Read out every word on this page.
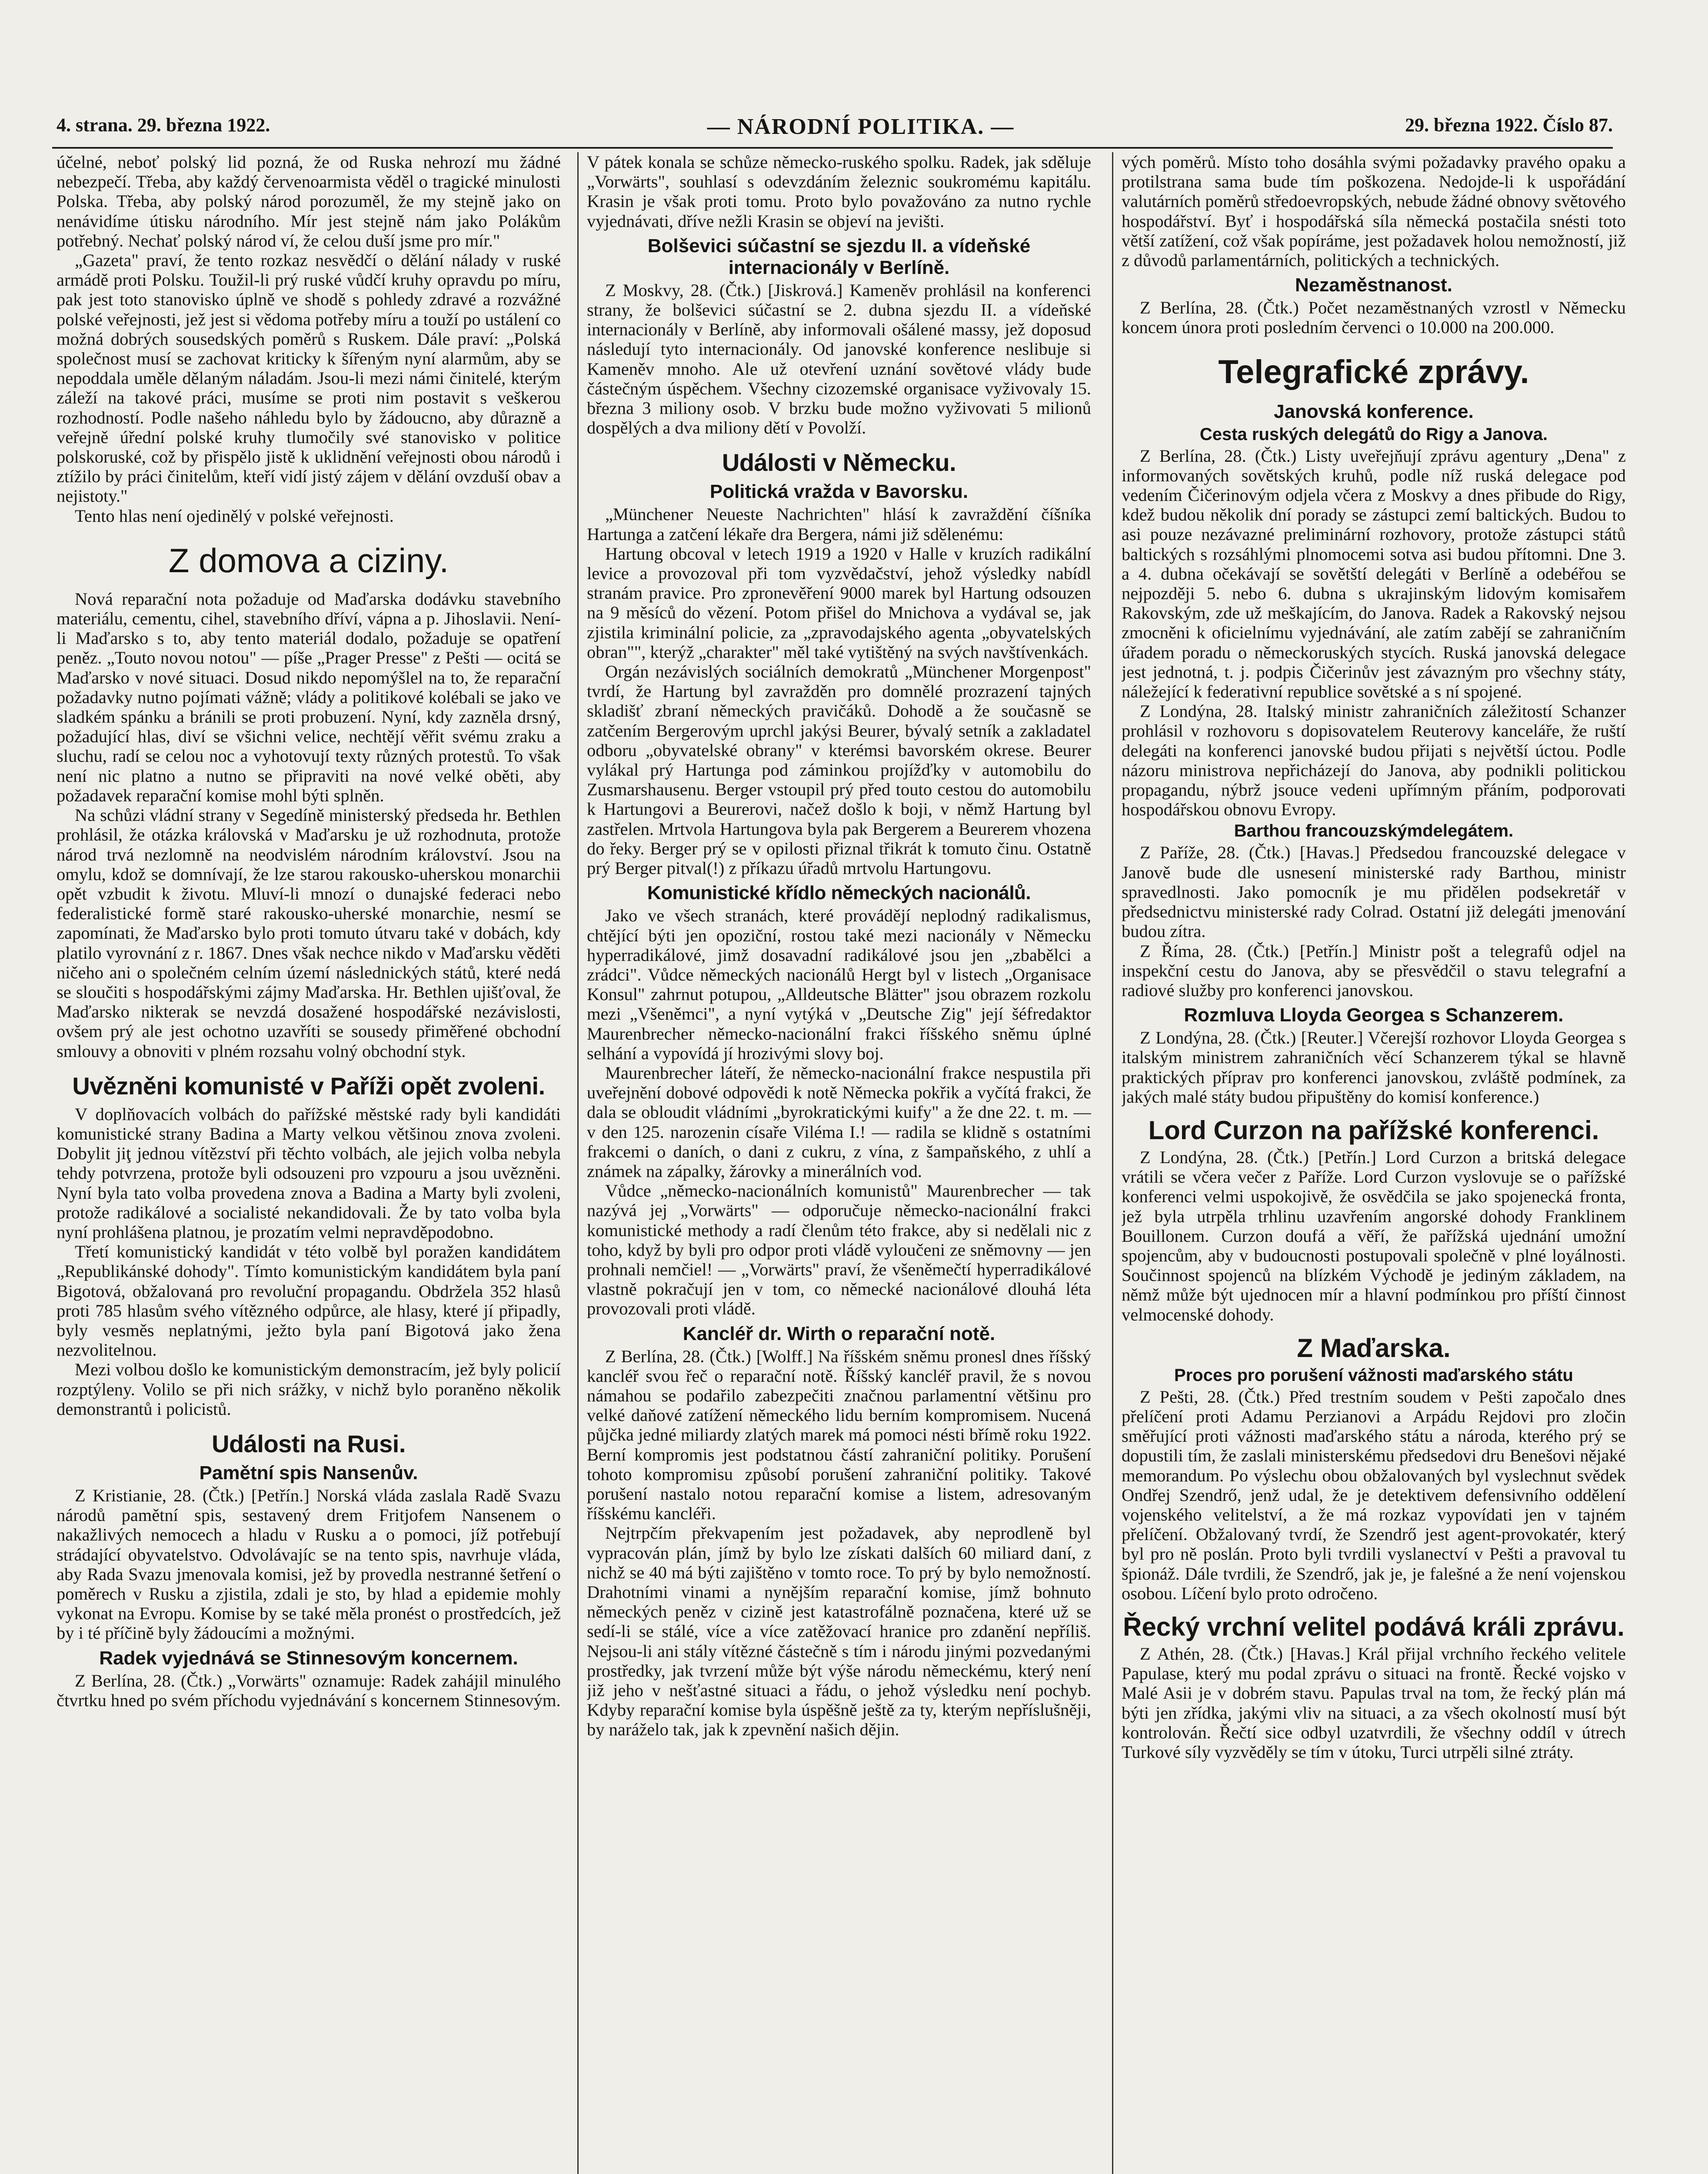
4. strana. 29. března 1922.	— NÁRODNÍ POLITIKA. —	29. března 1922. Číslo 87.

účelné, neboť polský lid pozná, že od Ruska nehrozí mu žádné nebezpečí. Třeba, aby každý červenoarmista věděl o tragické minulosti Polska. Třeba, aby polský národ porozuměl, že my stejně jako on nenávidíme útisku národního. Mír jest stejně nám jako Polákům potřebný. Nechať polský národ ví, že celou duší jsme pro mír."

„Gazeta" praví, že tento rozkaz nesvědčí o dělání nálady v ruské armádě proti Polsku. Toužil-li prý ruské vůdčí kruhy opravdu po míru, pak jest toto stanovisko úplně ve shodě s pohledy zdravé a rozvážné polské veřejnosti, jež jest si vědoma potřeby míru a touží po ustálení co možná dobrých sousedských poměrů s Ruskem. Dále praví: „Polská společnost musí se zachovat kriticky k šířeným nyní alarmům, aby se nepoddala uměle dělaným náladám. Jsou-li mezi námi činitelé, kterým záleží na takové práci, musíme se proti nim postavit s veškerou rozhodností. Podle našeho náhledu bylo by žádoucno, aby důrazně a veřejně úřední polské kruhy tlumočily své stanovisko v politice polskoruské, což by přispělo jistě k uklidnění veřejnosti obou národů i ztížilo by práci činitelům, kteří vidí jistý zájem v dělání ovzduší obav a nejistoty."

Tento hlas není ojedinělý v polské veřejnosti.

Z domova a ciziny.

Nová reparační nota požaduje od Maďarska dodávku stavebního materiálu, cementu, cihel, stavebního dříví, vápna a p. Jihoslavii. Není-li Maďarsko s to, aby tento materiál dodalo, požaduje se opatření peněz. „Touto novou notou" — píše „Prager Presse" z Pešti — ocitá se Maďarsko v nové situaci. Dosud nikdo nepomýšlel na to, že reparační požadavky nutno pojímati vážně; vlády a politikové kolébali se jako ve sladkém spánku a bránili se proti probuzení. Nyní, kdy zazněla drsný, požadující hlas, diví se všichni velice, nechtějí věřit svému zraku a sluchu, radí se celou noc a vyhotovují texty různých protestů. To však není nic platno a nutno se připraviti na nové velké oběti, aby požadavek reparační komise mohl býti splněn.

Na schůzi vládní strany v Segedíně ministerský předseda hr. Bethlen prohlásil, že otázka královská v Maďarsku je už rozhodnuta, protože národ trvá nezlomně na neodvislém národním království. Jsou na omylu, kdož se domnívají, že lze starou rakousko-uherskou monarchii opět vzbudit k životu. Mluví-li mnozí o dunajské federaci nebo federalistické formě staré rakousko-uherské monarchie, nesmí se zapomínati, že Maďarsko bylo proti tomuto útvaru také v dobách, kdy platilo vyrovnání z r. 1867. Dnes však nechce nikdo v Maďarsku věděti ničeho ani o společném celním území následnických států, které nedá se sloučiti s hospodářskými zájmy Maďarska. Hr. Bethlen ujišťoval, že Maďarsko nikterak se nevzdá dosažené hospodářské nezávislosti, ovšem prý ale jest ochotno uzavříti se sousedy přiměřené obchodní smlouvy a obnoviti v plném rozsahu volný obchodní styk.

Uvězněni komunisté v Paříži opět zvoleni.

V doplňovacích volbách do pařížské městské rady byli kandidáti komunistické strany Badina a Marty velkou většinou znova zvoleni. Dobylit jiţ jednou vítězství při těchto volbách, ale jejich volba nebyla tehdy potvrzena, protože byli odsouzeni pro vzpouru a jsou uvězněni. Nyní byla tato volba provedena znova a Badina a Marty byli zvoleni, protože radikálové a socialisté nekandidovali. Že by tato volba byla nyní prohlášena platnou, je prozatím velmi nepravděpodobno.

Třetí komunistický kandidát v této volbě byl poražen kandidátem „Republikánské dohody". Tímto komunistickým kandidátem byla paní Bigotová, obžalovaná pro revoluční propagandu. Obdržela 352 hlasů proti 785 hlasům svého vítězného odpůrce, ale hlasy, které jí připadly, byly vesměs neplatnými, ježto byla paní Bigotová jako žena nezvolitelnou.

Mezi volbou došlo ke komunistickým demonstracím, jež byly policií rozptýleny. Volilo se při nich srážky, v nichž bylo poraněno několik demonstrantů i policistů.

Události na Rusi.
Pamětní spis Nansenův.

Z Kristianie, 28. (Čtk.) [Petřín.] Norská vláda zaslala Radě Svazu národů pamětní spis, sestavený drem Fritjofem Nansenem o nakažlivých nemocech a hladu v Rusku a o pomoci, jíž potřebují strádající obyvatelstvo. Odvolávajíc se na tento spis, navrhuje vláda, aby Rada Svazu jmenovala komisi, jež by provedla nestranné šetření o poměrech v Rusku a zjistila, zdali je sto, by hlad a epidemie mohly vykonat na Evropu. Komise by se také měla pronést o prostředcích, jež by i té příčině byly žádoucími a možnými.

Radek vyjednává se Stinnesovým koncernem.

Z Berlína, 28. (Čtk.) „Vorwärts" oznamuje: Radek zahájil minulého čtvrtku hned po svém příchodu vyjednávání s koncernem Stinnesovým.

V pátek konala se schůze německo-ruského spolku. Radek, jak sděluje „Vorwärts", souhlasí s odevzdáním železnic soukromému kapitálu. Krasin je však proti tomu. Proto bylo považováno za nutno rychle vyjednávati, dříve nežli Krasin se objeví na jevišti.

Bolševici súčastní se sjezdu II. a vídeňské internacionály v Berlíně.

Z Moskvy, 28. (Čtk.) [Jiskrová.] Kameněv prohlásil na konferenci strany, že bolševici súčastní se 2. dubna sjezdu II. a vídeňské internacionály v Berlíně, aby informovali ošálené massy, jež doposud následují tyto internacionály. Od janovské konference neslibuje si Kameněv mnoho. Ale už otevření uznání sovětové vlády bude částečným úspěchem. Všechny cizozemské organisace vyživovaly 15. března 3 miliony osob. V brzku bude možno vyživovati 5 milionů dospělých a dva miliony dětí v Povolží.

Události v Německu.
Politická vražda v Bavorsku.

„Münchener Neueste Nachrichten" hlásí k zavraždění číšníka Hartunga a zatčení lékaře dra Bergera, námi již sdělenému:

Hartung obcoval v letech 1919 a 1920 v Halle v kruzích radikální levice a provozoval při tom vyzvědačství, jehož výsledky nabídl stranám pravice. Pro zpronevěření 9000 marek byl Hartung odsouzen na 9 měsíců do vězení. Potom přišel do Mnichova a vydával se, jak zjistila kriminální policie, za „zpravodajského agenta „obyvatelských obran"", kterýž „charakter" měl také vytištěný na svých navštívenkách.

Orgán nezávislých sociálních demokratů „Münchener Morgenpost" tvrdí, že Hartung byl zavražděn pro domnělé prozrazení tajných skladišť zbraní německých pravičáků. Dohodě a že současně se zatčením Bergerovým uprchl jakýsi Beurer, bývalý setník a zakladatel odboru „obyvatelské obrany" v kterémsi bavorském okrese. Beurer vylákal prý Hartunga pod záminkou projížďky v automobilu do Zusmarshausenu. Berger vstoupil prý před touto cestou do automobilu k Hartungovi a Beurerovi, načež došlo k boji, v němž Hartung byl zastřelen. Mrtvola Hartungova byla pak Bergerem a Beurerem vhozena do řeky. Berger prý se v opilosti přiznal třikrát k tomuto činu. Ostatně prý Berger pitval(!) z příkazu úřadů mrtvolu Hartungovu.

Komunistické křídlo německých nacionálů.

Jako ve všech stranách, které provádějí neplodný radikalismus, chtějící býti jen opoziční, rostou také mezi nacionály v Německu hyperradikálové, jimž dosavadní radikálové jsou jen „zbabělci a zrádci". Vůdce německých nacionálů Hergt byl v listech „Organisace Konsul" zahrnut potupou, „Alldeutsche Blätter" jsou obrazem rozkolu mezi „Všeněmci", a nyní vytýká v „Deutsche Zig" její šéfredaktor Maurenbrecher německo-nacionální frakci říšského sněmu úplné selhání a vypovídá jí hrozivými slovy boj.

Maurenbrecher láteří, že německo-nacionální frakce nespustila při uveřejnění dobové odpovědi k notě Německa pokřik a vyčítá frakci, že dala se obloudit vládními „byrokratickými kuify" a že dne 22. t. m. — v den 125. narozenin císaře Viléma I.! — radila se klidně s ostatními frakcemi o daních, o dani z cukru, z vína, z šampaňského, z uhlí a známek na zápalky, žárovky a minerálních vod.

Vůdce „německo-nacionálních komunistů" Maurenbrecher — tak nazývá jej „Vorwärts" — odporučuje německo-nacionální frakci komunistické methody a radí členům této frakce, aby si nedělali nic z toho, když by byli pro odpor proti vládě vyloučeni ze sněmovny — jen prohnali nemčiel! — „Vorwärts" praví, že všeněmečtí hyperradikálové vlastně pokračují jen v tom, co německé nacionálové dlouhá léta provozovali proti vládě.

Kancléř dr. Wirth o reparační notě.

Z Berlína, 28. (Čtk.) [Wolff.] Na říšském sněmu pronesl dnes říšský kancléř svou řeč o reparační notě. Říšský kancléř pravil, že s novou námahou se podařilo zabezpečiti značnou parlamentní většinu pro velké daňové zatížení německého lidu berním kompromisem. Nucená půjčka jedné miliardy zlatých marek má pomoci nésti břímě roku 1922. Berní kompromis jest podstatnou částí zahraniční politiky. Porušení tohoto kompromisu způsobí porušení zahraniční politiky. Takové porušení nastalo notou reparační komise a listem, adresovaným říšskému kancléři.

Nejtrpčím překvapením jest požadavek, aby neprodleně byl vypracován plán, jímž by bylo lze získati dalších 60 miliard daní, z nichž se 40 má býti zajištěno v tomto roce. To prý by bylo nemožností. Drahotními vinami a nynějším reparační komise, jímž bohnuto německých peněz v cizině jest katastrofálně poznačena, které už se sedí-li se stálé, více a více zatěžovací hranice pro zdanění nepříliš. Nejsou-li ani stály vítězné částečně s tím i národu jinými pozvedanými prostředky, jak tvrzení může být výše národu německému, který není již jeho v nešťastné situaci a řádu, o jehož výsledku není pochyb. Kdyby reparační komise byla úspěšně ještě za ty, kterým nepříslušněji, by naráželo tak, jak k zpevnění našich dějin.

vých poměrů. Místo toho dosáhla svými požadavky pravého opaku a protilstrana sama bude tím poškozena. Nedojde-li k uspořádání valutárních poměrů středoevropských, nebude žádné obnovy světového hospodářství. Byť i hospodářská síla německá postačila snésti toto větší zatížení, což však popíráme, jest požadavek holou nemožností, již z důvodů parlamentárních, politických a technických.

Nezaměstnanost.

Z Berlína, 28. (Čtk.) Počet nezaměstnaných vzrostl v Německu koncem února proti posledním červenci o 10.000 na 200.000.

Telegrafické zprávy.
Janovská konference.
Cesta ruských delegátů do Rigy a Janova.

Z Berlína, 28. (Čtk.) Listy uveřejňují zprávu agentury „Dena" z informovaných sovětských kruhů, podle níž ruská delegace pod vedením Čičerinovým odjela včera z Moskvy a dnes přibude do Rigy, kdež budou několik dní porady se zástupci zemí baltických. Budou to asi pouze nezávazné preliminární rozhovory, protože zástupci států baltických s rozsáhlými plnomocemi sotva asi budou přítomni. Dne 3. a 4. dubna očekávají se sovětští delegáti v Berlíně a odebéřou se nejpozději 5. nebo 6. dubna s ukrajinským lidovým komisařem Rakovským, zde už meškajícím, do Janova. Radek a Rakovský nejsou zmocněni k oficielnímu vyjednávání, ale zatím zabějí se zahraničním úřadem poradu o německoruských stycích. Ruská janovská delegace jest jednotná, t. j. podpis Čičerinův jest závazným pro všechny státy, náležející k federativní republice sovětské a s ní spojené.

Z Londýna, 28. Italský ministr zahraničních záležitostí Schanzer prohlásil v rozhovoru s dopisovatelem Reuterovy kanceláře, že ruští delegáti na konferenci janovské budou přijati s největší úctou. Podle názoru ministrova nepřicházejí do Janova, aby podnikli politickou propagandu, nýbrž jsouce vedeni upřímným přáním, podporovati hospodářskou obnovu Evropy.

Barthou francouzskýmdelegátem.

Z Paříže, 28. (Čtk.) [Havas.] Předsedou francouzské delegace v Janově bude dle usnesení ministerské rady Barthou, ministr spravedlnosti. Jako pomocník je mu přidělen podsekretář v předsednictvu ministerské rady Colrad. Ostatní již delegáti jmenování budou zítra.

Z Říma, 28. (Čtk.) [Petřín.] Ministr pošt a telegrafů odjel na inspekční cestu do Janova, aby se přesvědčil o stavu telegrafní a radiové služby pro konferenci janovskou.

Rozmluva Lloyda Georgea s Schanzerem.

Z Londýna, 28. (Čtk.) [Reuter.] Včerejší rozhovor Lloyda Georgea s italským ministrem zahraničních věcí Schanzerem týkal se hlavně praktických příprav pro konferenci janovskou, zvláště podmínek, za jakých malé státy budou připuštěny do komisí konference.)

Lord Curzon na pařížské konferenci.

Z Londýna, 28. (Čtk.) [Petřín.] Lord Curzon a britská delegace vrátili se včera večer z Paříže. Lord Curzon vyslovuje se o pařížské konferenci velmi uspokojivě, že osvědčila se jako spojenecká fronta, jež byla utrpěla trhlinu uzavřením angorské dohody Franklinem Bouillonem. Curzon doufá a věří, že pařížská ujednání umožní spojencům, aby v budoucnosti postupovali společně v plné loyálnosti. Součinnost spojenců na blízkém Východě je jediným základem, na němž může být ujednocen mír a hlavní podmínkou pro příští činnost velmocenské dohody.

Z Maďarska.
Proces pro porušení vážnosti maďarského státu

Z Pešti, 28. (Čtk.) Před trestním soudem v Pešti započalo dnes přelíčení proti Adamu Perzianovi a Arpádu Rejdovi pro zločin směřující proti vážnosti maďarského státu a národa, kterého prý se dopustili tím, že zaslali ministerskému předsedovi dru Benešovi nějaké memorandum. Po výslechu obou obžalovaných byl vyslechnut svědek Ondřej Szendrő, jenž udal, že je detektivem defensivního oddělení vojenského velitelství, a že má rozkaz vypovídati jen v tajném přelíčení. Obžalovaný tvrdí, že Szendrő jest agent-provokatér, který byl pro ně poslán. Proto byli tvrdili vyslanectví v Pešti a pravoval tu špionáž. Dále tvrdili, že Szendrő, jak je, je falešné a že není vojenskou osobou. Líčení bylo proto odročeno.

Řecký vrchní velitel podává králi zprávu.

Z Athén, 28. (Čtk.) [Havas.] Král přijal vrchního řeckého velitele Papulase, který mu podal zprávu o situaci na frontě. Řecké vojsko v Malé Asii je v dobrém stavu. Papulas trval na tom, že řecký plán má býti jen zřídka, jakými vliv na situaci, a za všech okolností musí být kontrolován. Řečtí sice odbyl uzatvrdili, že všechny oddíl v útrech Turkové síly vyzvěděly se tím v útoku, Turci utrpěli silné ztráty.
